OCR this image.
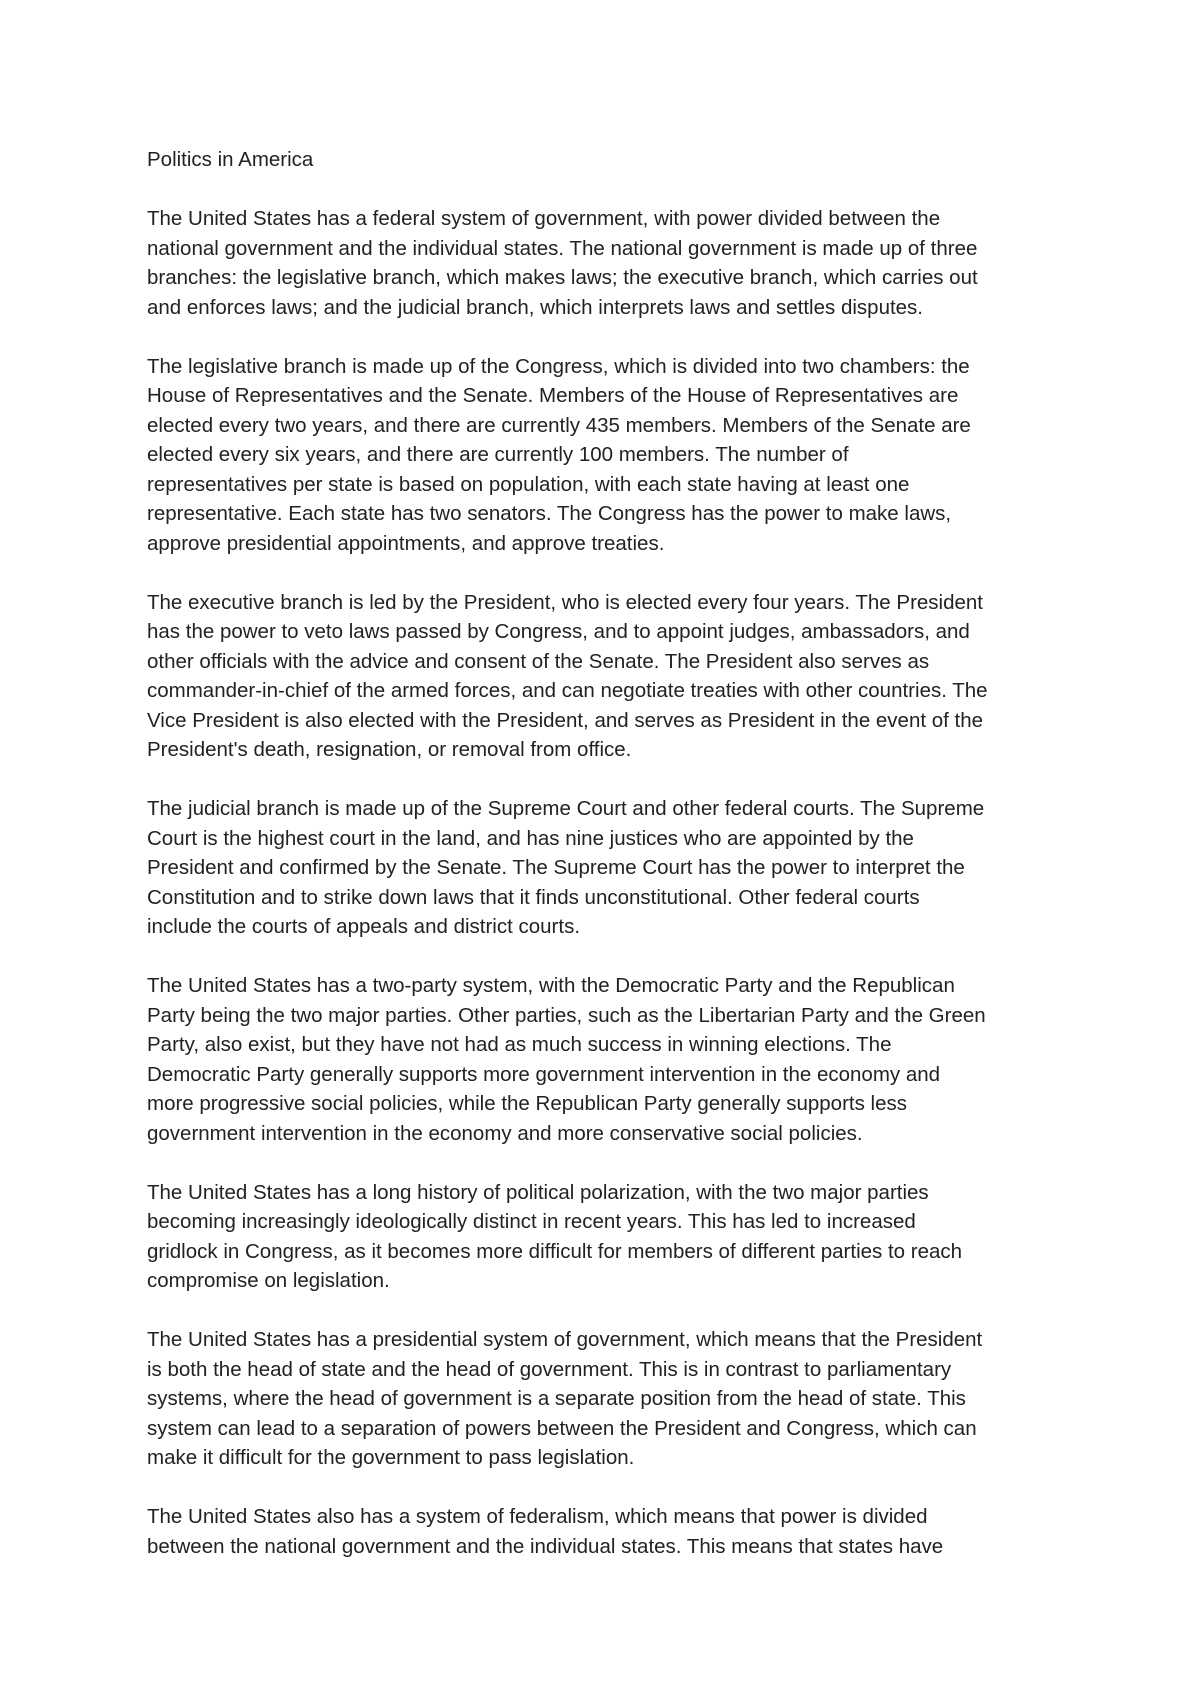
Politics in America

The United States has a federal system of government, with power divided between the
national government and the individual states. The national government is made up of three
branches: the legislative branch, which makes laws; the executive branch, which carries out
and enforces laws; and the judicial branch, which interprets laws and settles disputes.

The legislative branch is made up of the Congress, which is divided into two chambers: the
House of Representatives and the Senate. Members of the House of Representatives are
elected every two years, and there are currently 435 members. Members of the Senate are
elected every six years, and there are currently 100 members. The number of
representatives per state is based on population, with each state having at least one
representative. Each state has two senators. The Congress has the power to make laws,
approve presidential appointments, and approve treaties.

The executive branch is led by the President, who is elected every four years. The President
has the power to veto laws passed by Congress, and to appoint judges, ambassadors, and
other officials with the advice and consent of the Senate. The President also serves as
commander-in-chief of the armed forces, and can negotiate treaties with other countries. The
Vice President is also elected with the President, and serves as President in the event of the
President's death, resignation, or removal from office.

The judicial branch is made up of the Supreme Court and other federal courts. The Supreme
Court is the highest court in the land, and has nine justices who are appointed by the
President and confirmed by the Senate. The Supreme Court has the power to interpret the
Constitution and to strike down laws that it finds unconstitutional. Other federal courts
include the courts of appeals and district courts.

The United States has a two-party system, with the Democratic Party and the Republican
Party being the two major parties. Other parties, such as the Libertarian Party and the Green
Party, also exist, but they have not had as much success in winning elections. The
Democratic Party generally supports more government intervention in the economy and
more progressive social policies, while the Republican Party generally supports less
government intervention in the economy and more conservative social policies.

The United States has a long history of political polarization, with the two major parties
becoming increasingly ideologically distinct in recent years. This has led to increased
gridlock in Congress, as it becomes more difficult for members of different parties to reach
compromise on legislation.

The United States has a presidential system of government, which means that the President
is both the head of state and the head of government. This is in contrast to parliamentary
systems, where the head of government is a separate position from the head of state. This
system can lead to a separation of powers between the President and Congress, which can
make it difficult for the government to pass legislation.

The United States also has a system of federalism, which means that power is divided
between the national government and the individual states. This means that states have
